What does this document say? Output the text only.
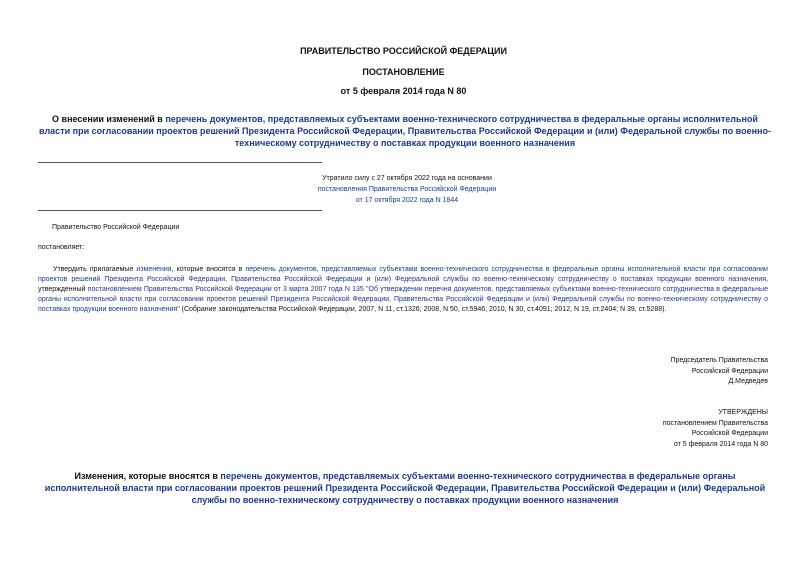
ПРАВИТЕЛЬСТВО РОССИЙСКОЙ ФЕДЕРАЦИИ
ПОСТАНОВЛЕНИЕ
от 5 февраля 2014 года N 80
О внесении изменений в перечень документов, представляемых субъектами военно-технического сотрудничества в федеральные органы исполнительной власти при согласовании проектов решений Президента Российской Федерации, Правительства Российской Федерации и (или) Федеральной службы по военно-техническому сотрудничеству о поставках продукции военного назначения
Утратило силу с 27 октября 2022 года на основании
постановления Правительства Российской Федерации
от 17 октября 2022 года N 1844
Правительство Российской Федерации
постановляет:
Утвердить прилагаемые изменения, которые вносятся в перечень документов, представляемых субъектами военно-технического сотрудничества в федеральные органы исполнительной власти при согласовании проектов решений Президента Российской Федерации, Правительства Российской Федерации и (или) Федеральной службы по военно-техническому сотрудничеству о поставках продукции военного назначения, утвержденный постановлением Правительства Российской Федерации от 3 марта 2007 года N 135 "Об утверждении перечня документов, представляемых субъектами военно-технического сотрудничества в федеральные органы исполнительной власти при согласовании проектов решений Президента Российской Федерации, Правительства Российской Федерации и (или) Федеральной службы по военно-техническому сотрудничеству о поставках продукции военного назначения" (Собрание законодательства Российской Федерации, 2007, N 11, ст.1326; 2008, N 50, ст.5946; 2010, N 30, ст.4091; 2012, N 19, ст.2404; N 39, ст.5288).
Председатель Правительства
Российской Федерации
Д.Медведев
УТВЕРЖДЕНЫ
постановлением Правительства
Российской Федерации
от 5 февраля 2014 года N 80
Изменения, которые вносятся в перечень документов, представляемых субъектами военно-технического сотрудничества в федеральные органы исполнительной власти при согласовании проектов решений Президента Российской Федерации, Правительства Российской Федерации и (или) Федеральной службы по военно-техническому сотрудничеству о поставках продукции военного назначения
